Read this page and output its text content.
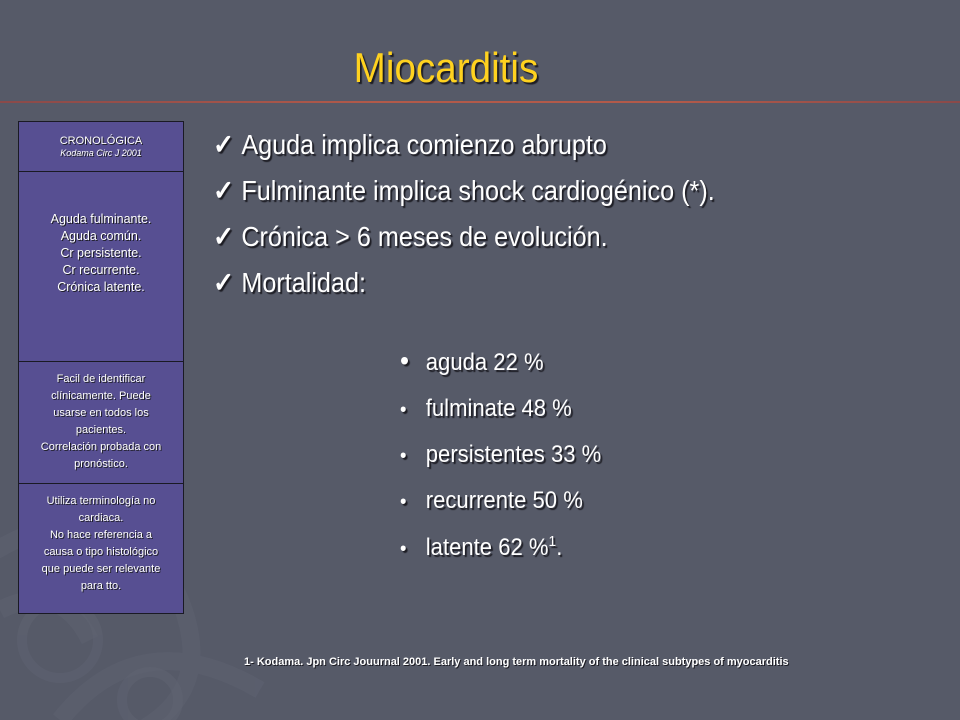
Miocarditis
CRONOLÓGICA
Kodama Circ J 2001
Aguda fulminante.
Aguda común.
Cr persistente.
Cr recurrente.
Crónica latente.
Facil de identificar
clínicamente. Puede
usarse en todos los
pacientes.
Correlación probada con
pronóstico.
Utiliza terminología no
cardiaca.
No hace referencia a
causa o tipo histológico
que puede ser relevante
para tto.
✓ Aguda implica comienzo abrupto
✓ Fulminante implica shock cardiogénico (*).
✓ Crónica > 6 meses de evolución.
✓ Mortalidad:
• aguda 22 %
• fulminate 48 %
• persistentes 33 %
• recurrente 50 %
• latente 62 %$^1$.
1- Kodama. Jpn Circ Jouurnal 2001. Early and long term mortality of the clinical subtypes of myocarditis
